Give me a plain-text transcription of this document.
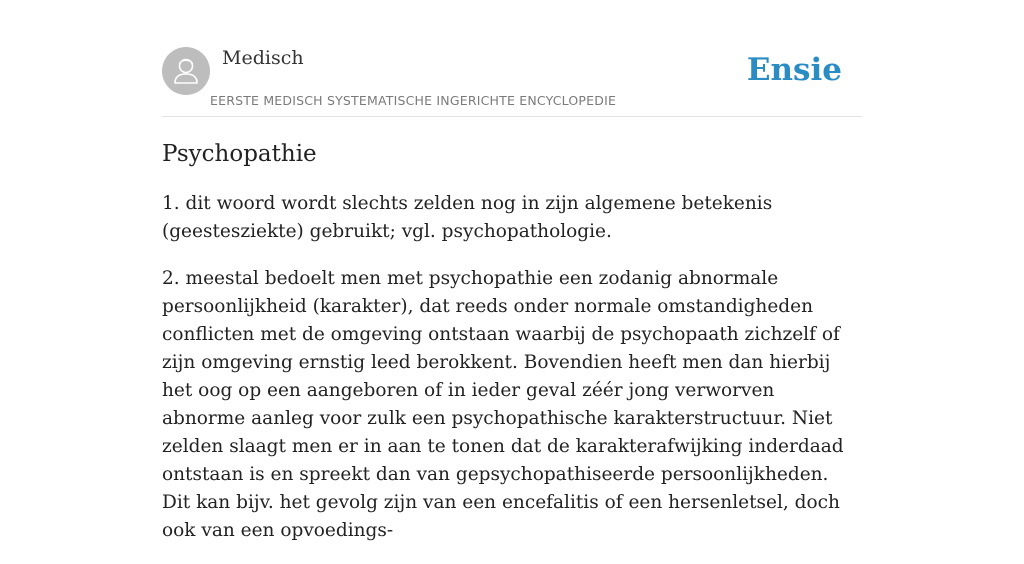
Medisch
EERSTE MEDISCH SYSTEMATISCHE INGERICHTE ENCYCLOPEDIE
Ensie
Psychopathie

1. dit woord wordt slechts zelden nog in zijn algemene betekenis (geestesziekte) gebruikt; vgl. psychopathologie.

2. meestal bedoelt men met psychopathie een zodanig abnormale persoonlijkheid (karakter), dat reeds onder normale omstandigheden conflicten met de omgeving ontstaan waarbij de psychopaath zichzelf of zijn omgeving ernstig leed berokkent. Bovendien heeft men dan hierbij het oog op een aangeboren of in ieder geval zéér jong verworven abnorme aanleg voor zulk een psychopathische karakterstructuur. Niet zelden slaagt men er in aan te tonen dat de karakterafwijking inderdaad ontstaan is en spreekt dan van gepsychopathiseerde persoonlijkheden. Dit kan bijv. het gevolg zijn van een encefalitis of een hersenletsel, doch ook van een opvoedings-
